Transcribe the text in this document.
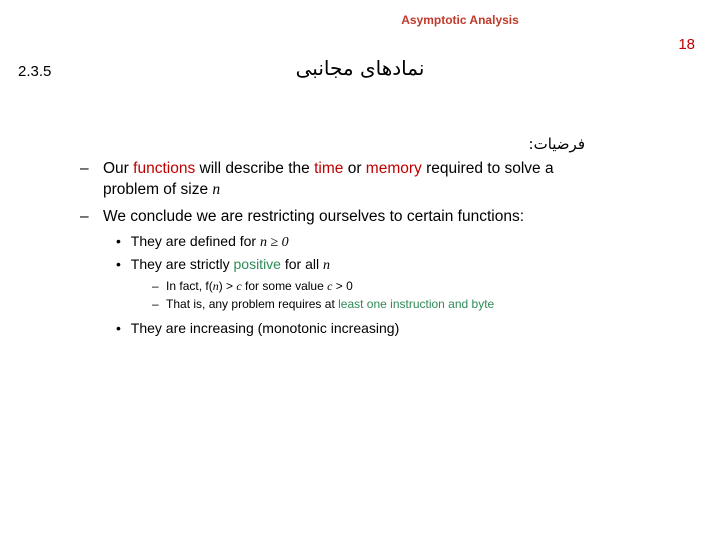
Asymptotic Analysis
18
2.3.5	نمادهای مجانبی
فرضیات:
– Our functions will describe the time or memory required to solve a
problem of size n
– We conclude we are restricting ourselves to certain functions:
• They are defined for n ≥ 0
• They are strictly positive for all n
– In fact, f(n) > c for some value c > 0
– That is, any problem requires at least one instruction and byte
• They are increasing (monotonic increasing)
